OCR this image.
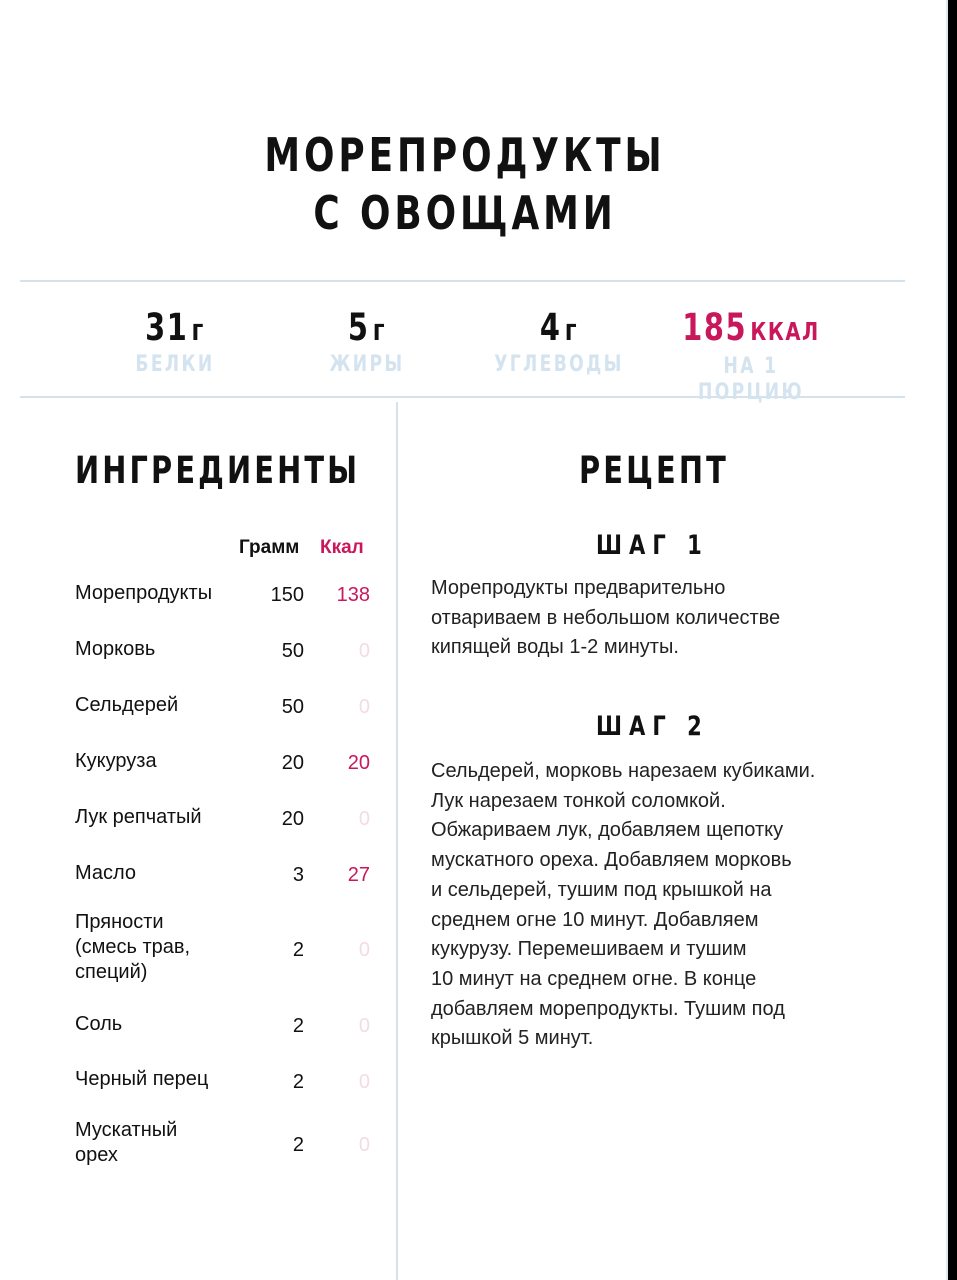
МОРЕПРОДУКТЫ
С ОВОЩАМИ
31 г
БЕЛКИ
5 г
ЖИРЫ
4 г
УГЛЕВОДЫ
185 ККАЛ
НА 1 ПОРЦИЮ
ИНГРЕДИЕНТЫ	РЕЦЕПТ
Грамм Ккал
Морепродукты	150	138
Морковь	50	0
Сельдерей	50	0
Кукуруза	20	20
Лук репчатый	20	0
Масло	3	27
Пряности
(смесь трав,
специй)
2	0
Соль	2	0
Черный перец	2	0
Мускатный
орех	2	0
ШАГ 1
Морепродукты предварительно
отвариваем в небольшом количестве
кипящей воды 1-2 минуты.
ШАГ 2
Сельдерей, морковь нарезаем кубиками.
Лук нарезаем тонкой соломкой.
Обжариваем лук, добавляем щепотку
мускатного ореха. Добавляем морковь
и сельдерей, тушим под крышкой на
среднем огне 10 минут. Добавляем
кукурузу. Перемешиваем и тушим
10 минут на среднем огне. В конце
добавляем морепродукты. Тушим под
крышкой 5 минут.
